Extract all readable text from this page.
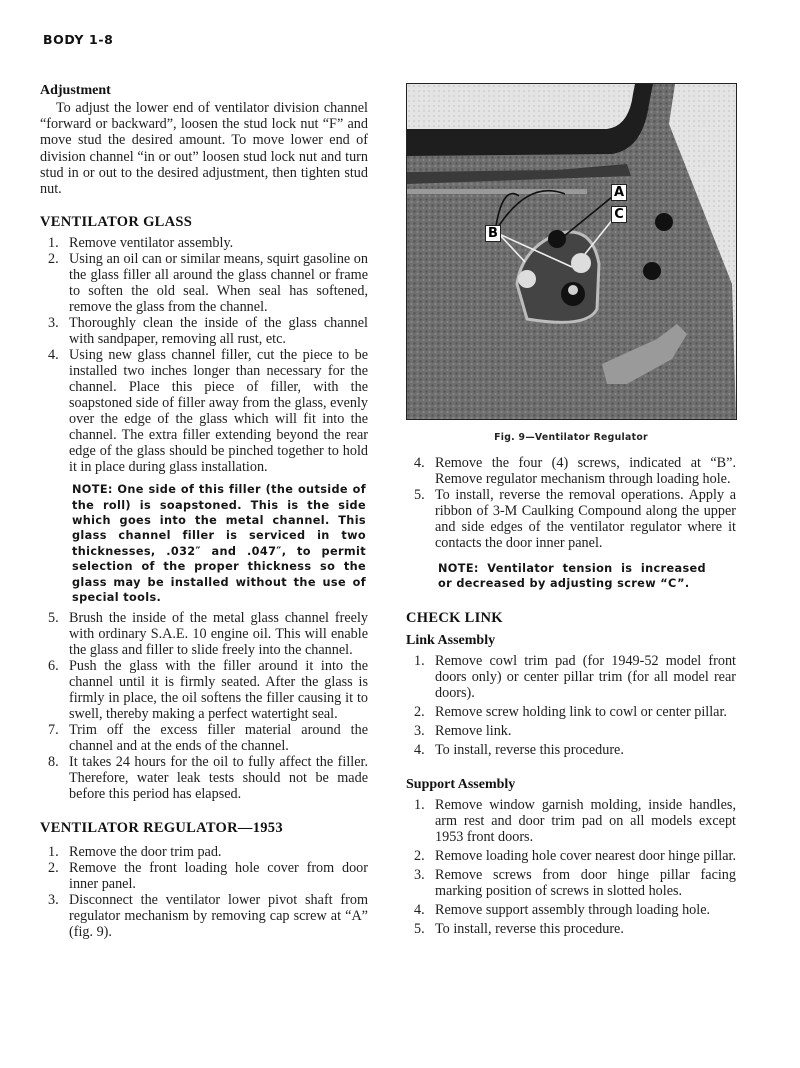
BODY 1-8
Adjustment

To adjust the lower end of ventilator division channel “forward or backward”, loosen the stud lock nut “F” and move stud the desired amount. To move lower end of division channel “in or out” loosen stud lock nut and turn stud in or out to the desired adjustment, then tighten stud nut.

VENTILATOR GLASS
1. Remove ventilator assembly.
2. Using an oil can or similar means, squirt gasoline on the glass filler all around the glass channel or frame to soften the old seal. When seal has softened, remove the glass from the channel.
3. Thoroughly clean the inside of the glass channel with sandpaper, removing all rust, etc.
4. Using new glass channel filler, cut the piece to be installed two inches longer than necessary for the channel. Place this piece of filler, with the soapstoned side of filler away from the glass, evenly over the edge of the glass which will fit into the channel. The extra filler extending beyond the rear edge of the glass should be pinched together to hold it in place during glass installation.

NOTE: One side of this filler (the outside of the roll) is soapstoned. This is the side which goes into the metal channel. This glass channel filler is serviced in two thicknesses, .032″ and .047″, to permit selection of the proper thickness so the glass may be installed without the use of special tools.

5. Brush the inside of the metal glass channel freely with ordinary S.A.E. 10 engine oil. This will enable the glass and filler to slide freely into the channel.
6. Push the glass with the filler around it into the channel until it is firmly seated. After the glass is firmly in place, the oil softens the filler causing it to swell, thereby making a perfect watertight seal.
7. Trim off the excess filler material around the channel and at the ends of the channel.
8. It takes 24 hours for the oil to fully affect the filler. Therefore, water leak tests should not be made before this period has elapsed.
VENTILATOR REGULATOR—1953
1. Remove the door trim pad.
2. Remove the front loading hole cover from door inner panel.
3. Disconnect the ventilator lower pivot shaft from regulator mechanism by removing cap screw at “A” (fig. 9).
A
B
C

Fig. 9—Ventilator Regulator

4. Remove the four (4) screws, indicated at “B”. Remove regulator mechanism through loading hole.
5. To install, reverse the removal operations. Apply a ribbon of 3-M Caulking Compound along the upper and side edges of the ventilator regulator where it contacts the door inner panel.

NOTE: Ventilator tension is increased or decreased by adjusting screw “C”.

CHECK LINK
Link Assembly
1. Remove cowl trim pad (for 1949-52 model front doors only) or center pillar trim (for all model rear doors).
2. Remove screw holding link to cowl or center pillar.
3. Remove link.
4. To install, reverse this procedure.
Support Assembly
1. Remove window garnish molding, inside handles, arm rest and door trim pad on all models except 1953 front doors.
2. Remove loading hole cover nearest door hinge pillar.
3. Remove screws from door hinge pillar facing marking position of screws in slotted holes.
4. Remove support assembly through loading hole.
5. To install, reverse this procedure.
